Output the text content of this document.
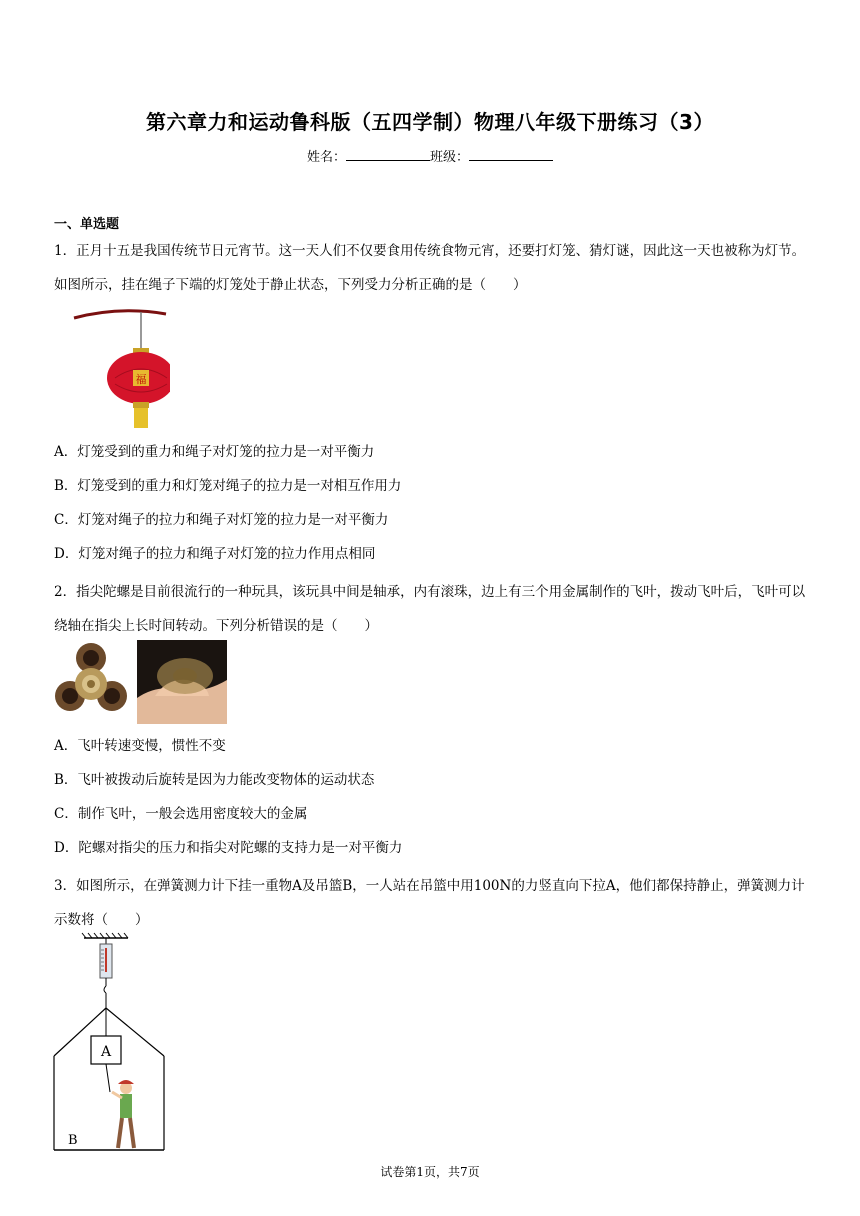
第六章力和运动鲁科版（五四学制）物理八年级下册练习（3）
姓名：	班级：
一、单选题
1．正月十五是我国传统节日元宵节。这一天人们不仅要食用传统食物元宵，还要打灯笼、猜灯谜，因此这一天也被称为灯节。如图所示，挂在绳子下端的灯笼处于静止状态，下列受力分析正确的是（　　）
福
A．灯笼受到的重力和绳子对灯笼的拉力是一对平衡力
B．灯笼受到的重力和灯笼对绳子的拉力是一对相互作用力
C．灯笼对绳子的拉力和绳子对灯笼的拉力是一对平衡力
D．灯笼对绳子的拉力和绳子对灯笼的拉力作用点相同
2．指尖陀螺是目前很流行的一种玩具，该玩具中间是轴承，内有滚珠，边上有三个用金属制作的飞叶，拨动飞叶后，飞叶可以绕轴在指尖上长时间转动。下列分析错误的是（　　）
A．飞叶转速变慢，惯性不变
B．飞叶被拨动后旋转是因为力能改变物体的运动状态
C．制作飞叶，一般会选用密度较大的金属
D．陀螺对指尖的压力和指尖对陀螺的支持力是一对平衡力
3．如图所示，在弹簧测力计下挂一重物A及吊篮B，一人站在吊篮中用100N的力竖直向下拉A，他们都保持静止，弹簧测力计示数将（　　）
A
B
试卷第1页，共7页
